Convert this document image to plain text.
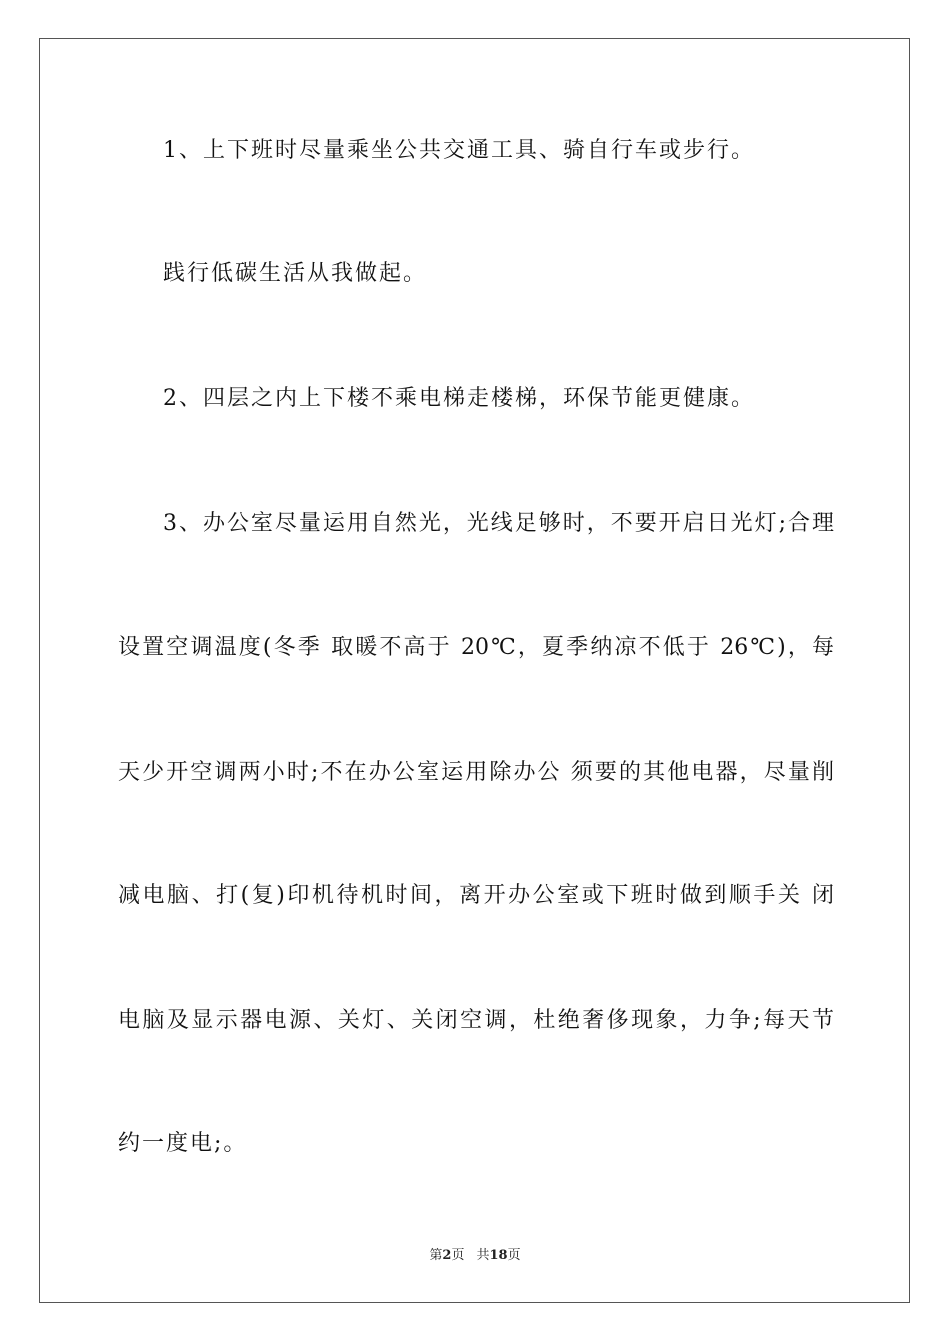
1、上下班时尽量乘坐公共交通工具、骑自行车或步行。
践行低碳生活从我做起。
2、四层之内上下楼不乘电梯走楼梯，环保节能更健康。
3、办公室尽量运用自然光，光线足够时，不要开启日光灯;合理
设置空调温度(冬季 取暖不高于 20℃，夏季纳凉不低于 26℃)，每
天少开空调两小时;不在办公室运用除办公 须要的其他电器，尽量削
减电脑、打(复)印机待机时间，离开办公室或下班时做到顺手关 闭
电脑及显示器电源、关灯、关闭空调，杜绝奢侈现象，力争;每天节
约一度电;。
第2页 共18页
